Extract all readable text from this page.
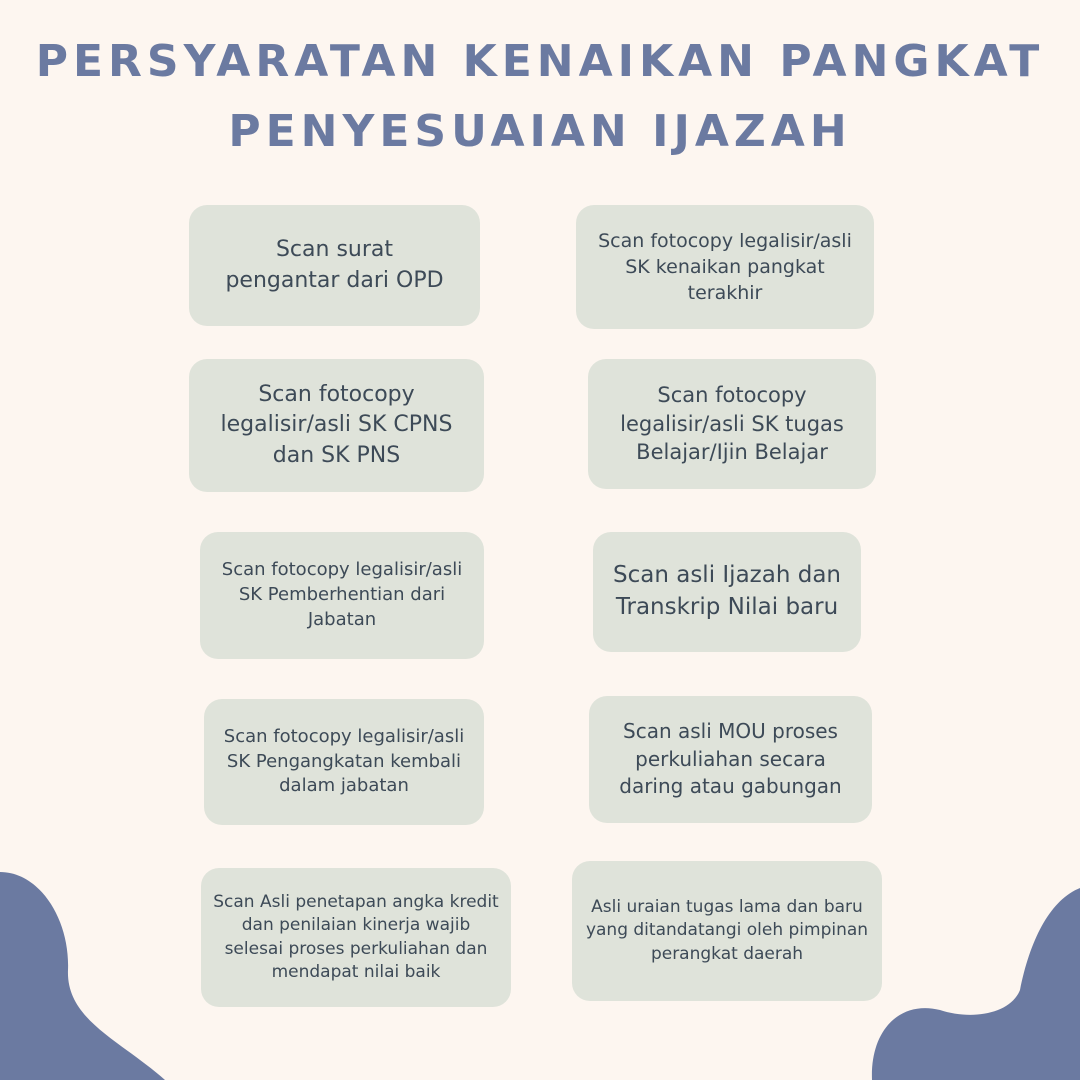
PERSYARATAN KENAIKAN PANGKAT
PENYESUAIAN IJAZAH
Scan surat pengantar dari OPD
Scan fotocopy legalisir/asli SK kenaikan pangkat terakhir
Scan fotocopy legalisir/asli SK CPNS dan SK PNS
Scan fotocopy legalisir/asli SK tugas Belajar/Ijin Belajar
Scan fotocopy legalisir/asli SK Pemberhentian dari Jabatan
Scan asli Ijazah dan Transkrip Nilai baru
Scan fotocopy legalisir/asli SK Pengangkatan kembali dalam jabatan
Scan asli MOU proses perkuliahan secara daring atau gabungan
Scan Asli penetapan angka kredit dan penilaian kinerja wajib selesai proses perkuliahan dan mendapat nilai baik
Asli uraian tugas lama dan baru yang ditandatangi oleh pimpinan perangkat daerah
